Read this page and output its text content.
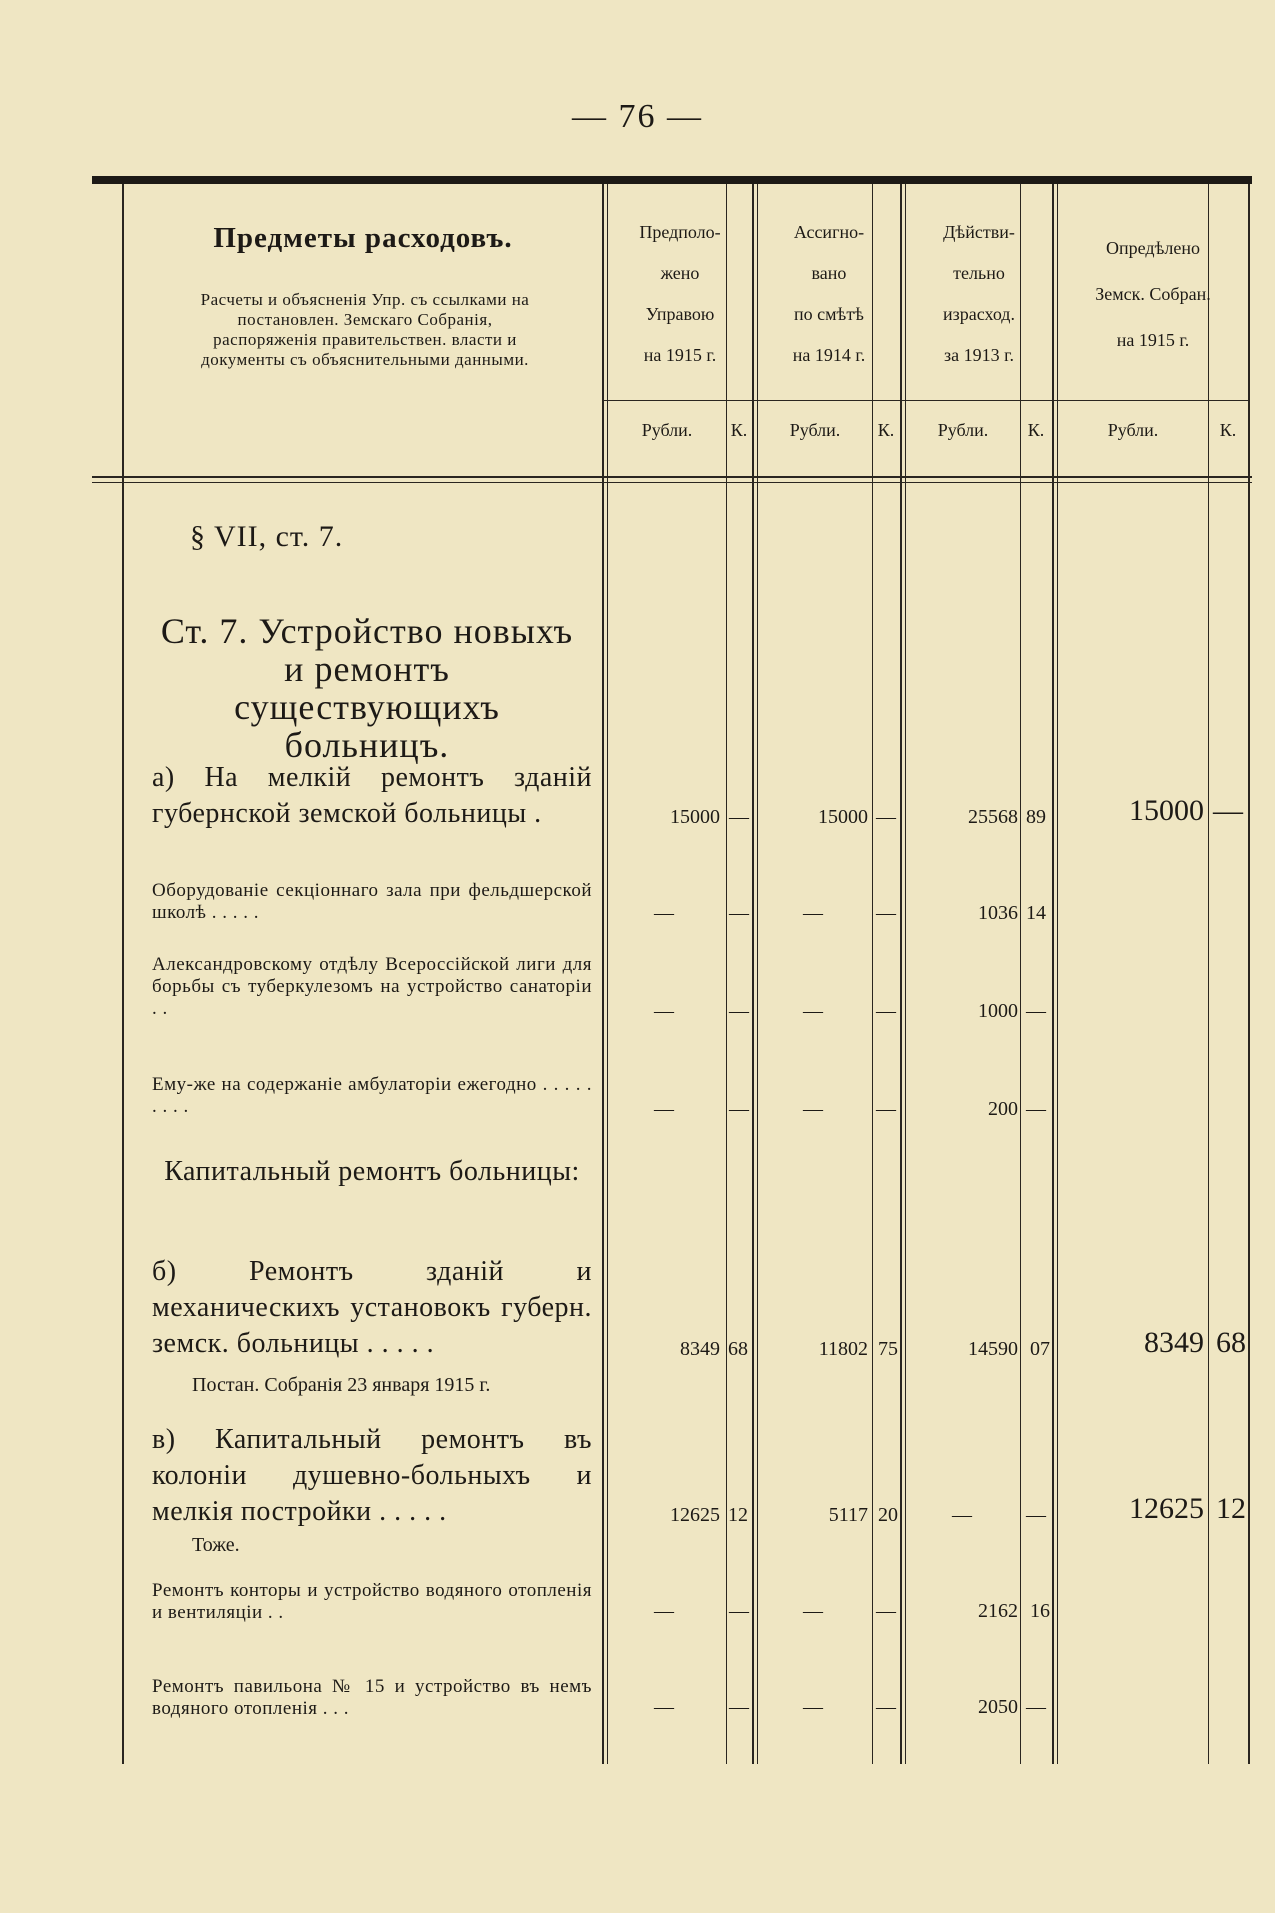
— 76 —
Предметы расходовъ.
Расчеты и объясненія Упр. съ ссылками на постановлен. Земскаго Собранія, распоряженія правительствен. власти и документы съ объяснительными данными.
Предполо-
жено
Управою
на 1915 г.
Ассигно-
вано
по смѣтѣ
на 1914 г.
Дѣйстви-
тельно
израсход.
за 1913 г.
Опредѣлено
Земск. Собран.
на 1915 г.
Рубли.	К.	Рубли.	К.	Рубли.	К.	Рубли.	К.
§ VII, ст. 7.
Ст. 7. Устройство новыхъ и ремонтъ существующихъ больницъ.
а) На мелкій ремонтъ зданій губернской земской больницы .	15000 —	15000 —	25568 89	15000 —
Оборудованіе секціоннаго зала при фельдшерской школѣ . . . . .	—	—	—	—	1036 14
Александровскому отдѣлу Всероссійской лиги для борьбы съ туберкулезомъ на устройство санаторіи . .	—	—	—	—	1000 —
Ему-же на содержаніе амбулаторіи ежегодно . . . . . . . . .	—	—	—	—	200 —
Капитальный ремонтъ больницы:
б) Ремонтъ зданій и механическихъ установокъ губерн. земск. больницы . . . . .
Постан. Собранія 23 января 1915 г.
8349 68	11802 75	14590 07	8349 68
в) Капитальный ремонтъ въ колоніи душевно-больныхъ и мелкія постройки . . . . .
Тоже.
12625 12	5117 20	—	—	12625 12
Ремонтъ конторы и устройство водяного отопленія и вентиляціи . .	—	—	—	—	2162 16
Ремонтъ павильона № 15 и устройство въ немъ водяного отопленія . . .	—	—	—	—	2050 —
